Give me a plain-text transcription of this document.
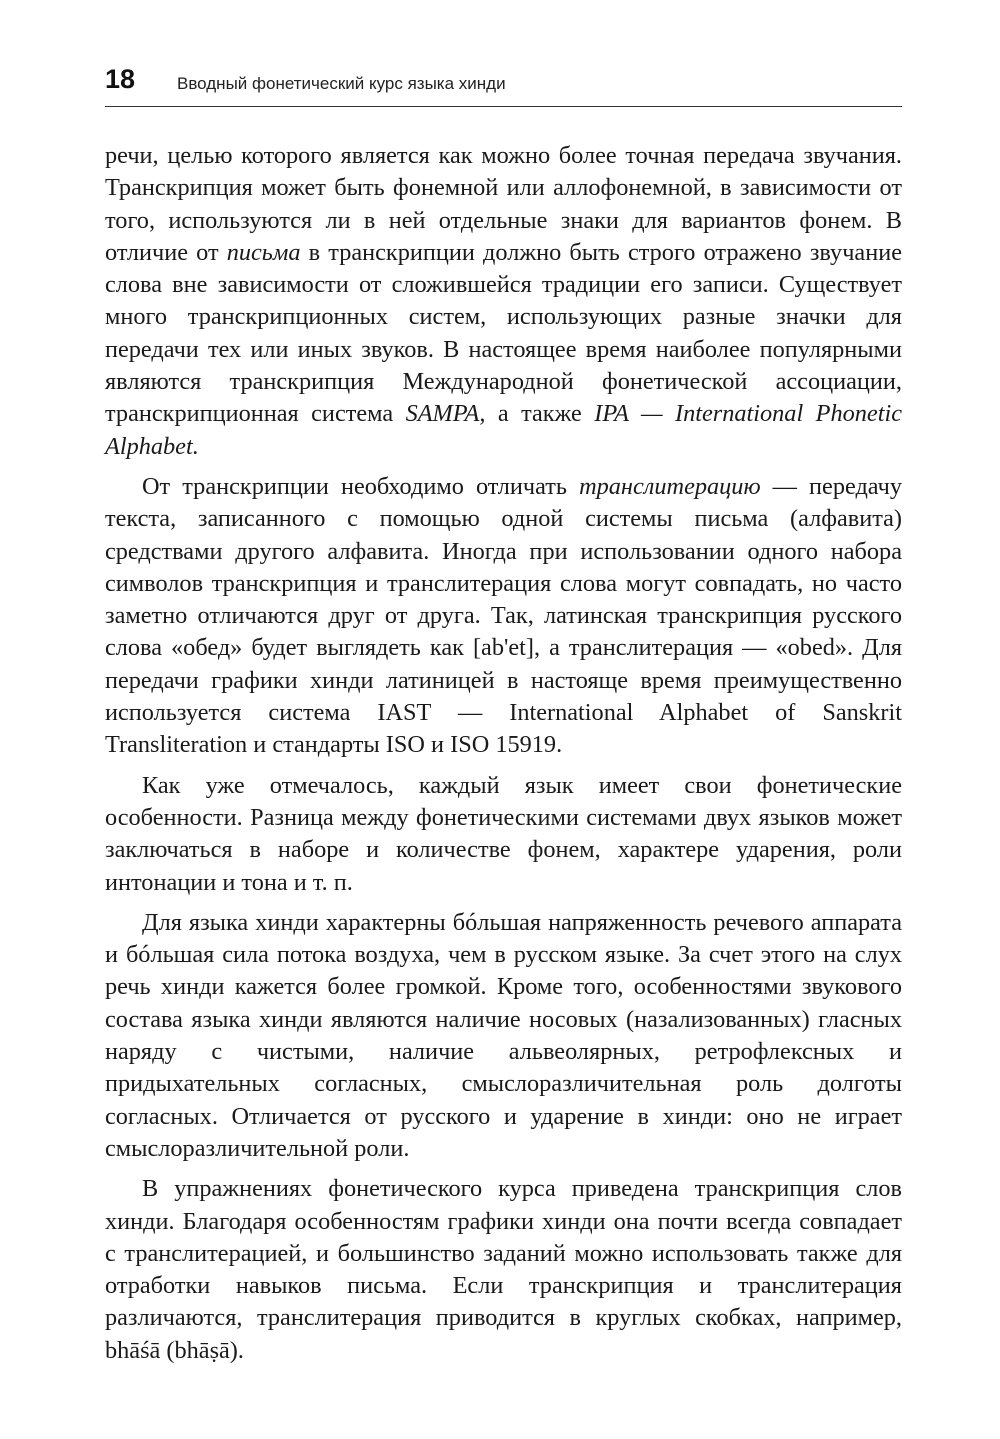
18 Вводный фонетический курс языка хинди

речи, целью которого является как можно более точная передача звучания. Транскрипция может быть фонемной или аллофонемной, в зависимости от того, используются ли в ней отдельные знаки для вариантов фонем. В отличие от письма в транскрипции должно быть строго отражено звучание слова вне зависимости от сложившейся традиции его записи. Существует много транскрипционных систем, использующих разные значки для передачи тех или иных звуков. В настоящее время наиболее популярными являются транскрипция Международной фонетической ассоциации, транскрипционная система SAMPA, а также IPA — International Phonetic Alphabet.

От транскрипции необходимо отличать транслитерацию — передачу текста, записанного с помощью одной системы письма (алфавита) средствами другого алфавита. Иногда при использовании одного набора символов транскрипция и транслитерация слова могут совпадать, но часто заметно отличаются друг от друга. Так, латинская транскрипция русского слова «обед» будет выглядеть как [ab'et], а транслитерация — «obed». Для передачи графики хинди латиницей в настояще время преимущественно используется система IAST — International Alphabet of Sanskrit Transliteration и стандарты ISO и ISO 15919.

Как уже отмечалось, каждый язык имеет свои фонетические особенности. Разница между фонетическими системами двух языков может заключаться в наборе и количестве фонем, характере ударения, роли интонации и тона и т. п.

Для языка хинди характерны бóльшая напряженность речевого аппарата и бóльшая сила потока воздуха, чем в русском языке. За счет этого на слух речь хинди кажется более громкой. Кроме того, особенностями звукового состава языка хинди являются наличие носовых (назализованных) гласных наряду с чистыми, наличие альвеолярных, ретрофлексных и придыхательных согласных, смыслоразличительная роль долготы согласных. Отличается от русского и ударение в хинди: оно не играет смыслоразличительной роли.

В упражнениях фонетического курса приведена транскрипция слов хинди. Благодаря особенностям графики хинди она почти всегда совпадает с транслитерацией, и большинство заданий можно использовать также для отработки навыков письма. Если транскрипция и транслитерация различаются, транслитерация приводится в круглых скобках, например, bhāśā (bhāṣā).
